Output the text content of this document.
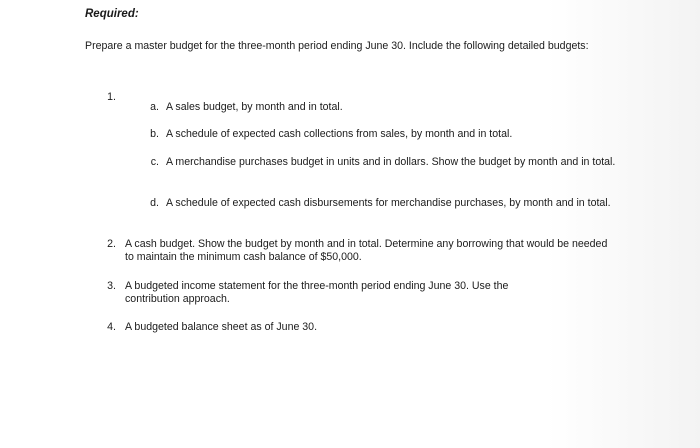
Required:
Prepare a master budget for the three-month period ending June 30. Include the following detailed budgets:
1.
a. A sales budget, by month and in total.
b. A schedule of expected cash collections from sales, by month and in total.
c. A merchandise purchases budget in units and in dollars. Show the budget by month and in total.
d. A schedule of expected cash disbursements for merchandise purchases, by month and in total.
2. A cash budget. Show the budget by month and in total. Determine any borrowing that would be needed to maintain the minimum cash balance of $50,000.
3. A budgeted income statement for the three-month period ending June 30. Use the contribution approach.
4. A budgeted balance sheet as of June 30.
